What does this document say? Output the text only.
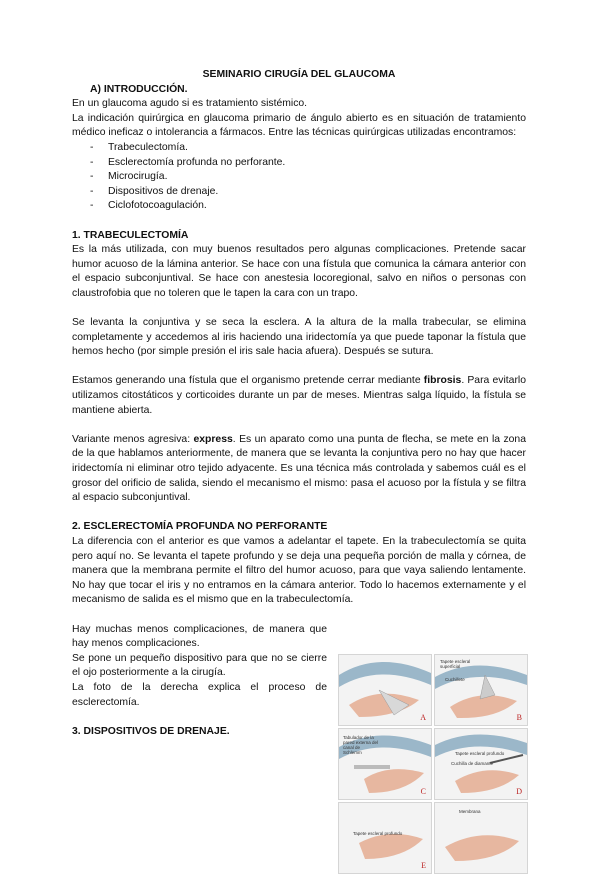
SEMINARIO CIRUGÍA DEL GLAUCOMA

A) INTRODUCCIÓN.

En un glaucoma agudo si es tratamiento sistémico.

La indicación quirúrgica en glaucoma primario de ángulo abierto es en situación de tratamiento médico ineficaz o intolerancia a fármacos. Entre las técnicas quirúrgicas utilizadas encontramos:

-	Trabeculectomía.
-	Esclerectomía profunda no perforante.
-	Microcirugía.
-	Dispositivos de drenaje.
-	Ciclofotocoagulación.
1. TRABECULECTOMÍA

Es la más utilizada, con muy buenos resultados pero algunas complicaciones. Pretende sacar humor acuoso de la lámina anterior. Se hace con una fístula que comunica la cámara anterior con el espacio subconjuntival. Se hace con anestesia locoregional, salvo en niños o personas con claustrofobia que no toleren que le tapen la cara con un trapo.

Se levanta la conjuntiva y se seca la esclera. A la altura de la malla trabecular, se elimina completamente y accedemos al iris haciendo una iridectomía ya que puede taponar la fístula que hemos hecho (por simple presión el iris sale hacia afuera). Después se sutura.

Estamos generando una fístula que el organismo pretende cerrar mediante fibrosis. Para evitarlo utilizamos citostáticos y corticoides durante un par de meses. Mientras salga líquido, la fístula se mantiene abierta.

Variante menos agresiva: express. Es un aparato como una punta de flecha, se mete en la zona de la que hablamos anteriormente, de manera que se levanta la conjuntiva pero no hay que hacer iridectomía ni eliminar otro tejido adyacente. Es una técnica más controlada y sabemos cuál es el grosor del orificio de salida, siendo el mecanismo el mismo: pasa el acuoso por la fístula y se filtra al espacio subconjuntival.

2. ESCLERECTOMÍA PROFUNDA NO PERFORANTE

La diferencia con el anterior es que vamos a adelantar el tapete. En la trabeculectomía se quita pero aquí no. Se levanta el tapete profundo y se deja una pequeña porción de malla y córnea, de manera que la membrana permite el filtro del humor acuoso, para que vaya saliendo lentamente. No hay que tocar el iris y no entramos en la cámara anterior. Todo lo hacemos externamente y el mecanismo de salida es el mismo que en la trabeculectomía.

Hay muchas menos complicaciones, de manera que hay menos complicaciones.

Se pone un pequeño dispositivo para que no se cierre el ojo posteriormente a la cirugía.

La foto de la derecha explica el proceso de esclerectomía.

3. DISPOSITIVOS DE DRENAJE.
A
Tapete escleral superficial
Cuchillete
B
Tabulador de la pared externa del canal de Schlemm
C
Tapete escleral profundo
Cuchilla de diamante
D
Tapete escleral profundo
E
Membrana
